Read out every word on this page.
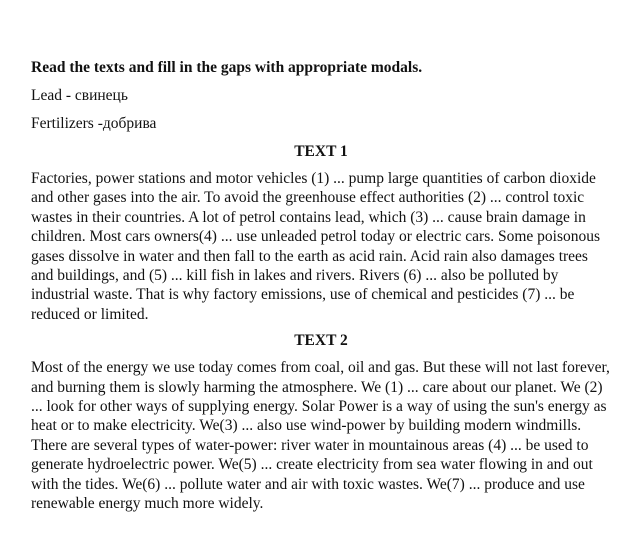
Read the texts and fill in the gaps with appropriate modals.

Lead - свинець

Fertilizers -добрива

TEXT 1

Factories, power stations and motor vehicles (1) ... pump large quantities of carbon dioxide and other gases into the air. To avoid the greenhouse effect authorities (2) ... control toxic wastes in their countries. A lot of petrol contains lead, which (3) ... cause brain damage in children. Most cars owners(4) ... use unleaded petrol today or electric cars. Some poisonous gases dissolve in water and then fall to the earth as acid rain. Acid rain also damages trees and buildings, and (5) ... kill fish in lakes and rivers. Rivers (6) ... also be polluted by industrial waste. That is why factory emissions, use of chemical and pesticides (7) ... be reduced or limited.

TEXT 2

Most of the energy we use today comes from coal, oil and gas. But these will not last forever, and burning them is slowly harming the atmosphere. We (1) ... care about our planet. We (2) ... look for other ways of supplying energy. Solar Power is a way of using the sun's energy as heat or to make electricity. We(3) ... also use wind-power by building modern windmills. There are several types of water-power: river water in mountainous areas (4) ... be used to generate hydroelectric power. We(5) ... create electricity from sea water flowing in and out with the tides. We(6) ... pollute water and air with toxic wastes. We(7) ... produce and use renewable energy much more widely.
